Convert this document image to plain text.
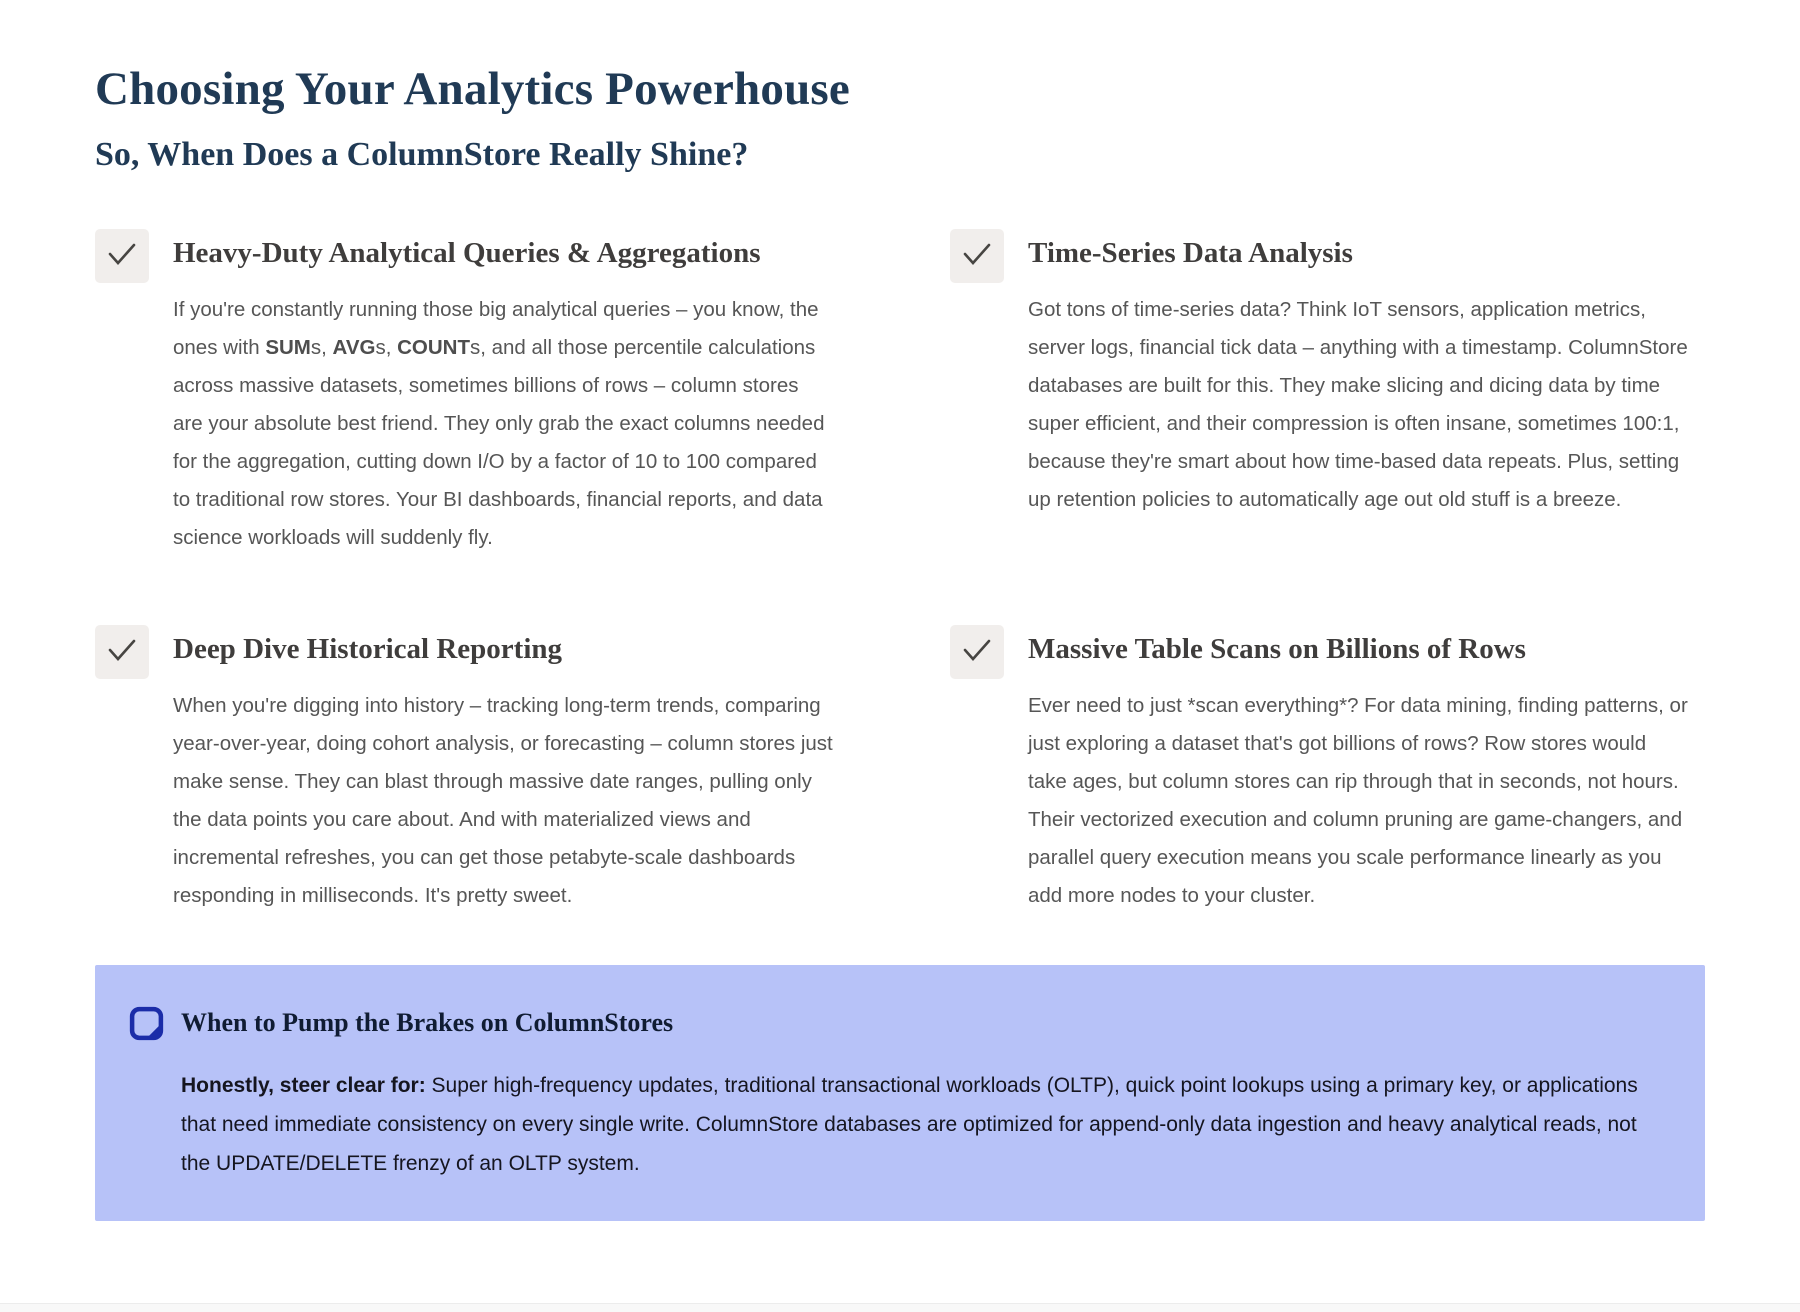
Choosing Your Analytics Powerhouse
So, When Does a ColumnStore Really Shine?
Heavy-Duty Analytical Queries & Aggregations

If you're constantly running those big analytical queries – you know, the ones with SUMs, AVGs, COUNTs, and all those percentile calculations across massive datasets, sometimes billions of rows – column stores are your absolute best friend. They only grab the exact columns needed for the aggregation, cutting down I/O by a factor of 10 to 100 compared to traditional row stores. Your BI dashboards, financial reports, and data science workloads will suddenly fly.

Time-Series Data Analysis

Got tons of time-series data? Think IoT sensors, application metrics, server logs, financial tick data – anything with a timestamp. ColumnStore databases are built for this. They make slicing and dicing data by time super efficient, and their compression is often insane, sometimes 100:1, because they're smart about how time-based data repeats. Plus, setting up retention policies to automatically age out old stuff is a breeze.

Deep Dive Historical Reporting

When you're digging into history – tracking long-term trends, comparing year-over-year, doing cohort analysis, or forecasting – column stores just make sense. They can blast through massive date ranges, pulling only the data points you care about. And with materialized views and incremental refreshes, you can get those petabyte-scale dashboards responding in milliseconds. It's pretty sweet.

Massive Table Scans on Billions of Rows

Ever need to just *scan everything*? For data mining, finding patterns, or just exploring a dataset that's got billions of rows? Row stores would take ages, but column stores can rip through that in seconds, not hours. Their vectorized execution and column pruning are game-changers, and parallel query execution means you scale performance linearly as you add more nodes to your cluster.

When to Pump the Brakes on ColumnStores

Honestly, steer clear for: Super high-frequency updates, traditional transactional workloads (OLTP), quick point lookups using a primary key, or applications that need immediate consistency on every single write. ColumnStore databases are optimized for append-only data ingestion and heavy analytical reads, not the UPDATE/DELETE frenzy of an OLTP system.
